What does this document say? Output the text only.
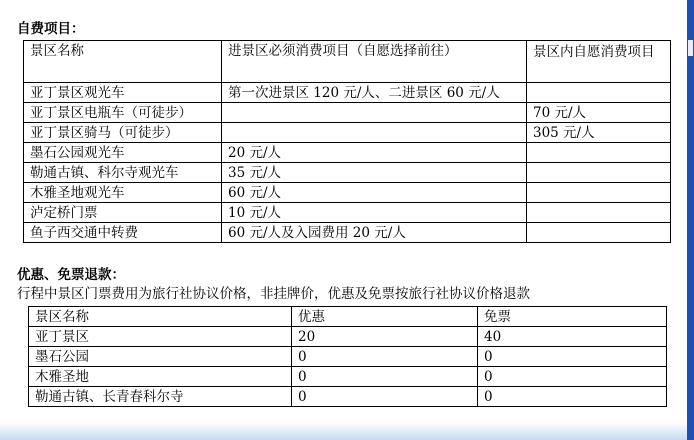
自费项目：
景区名称	进景区必须消费项目（自愿选择前往）	景区内自愿消费项目
亚丁景区观光车	第一次进景区 120 元/人、二进景区 60 元/人	
亚丁景区电瓶车（可徒步）		70 元/人
亚丁景区骑马（可徒步）		305 元/人
墨石公园观光车	20 元/人	
勒通古镇、科尔寺观光车	35 元/人	
木雅圣地观光车	60 元/人	
泸定桥门票	10 元/人	
鱼子西交通中转费	60 元/人及入园费用 20 元/人	
优惠、免票退款：
行程中景区门票费用为旅行社协议价格，非挂牌价，优惠及免票按旅行社协议价格退款
景区名称	优惠	免票
亚丁景区	20	40
墨石公园	0	0
木雅圣地	0	0
勒通古镇、长青春科尔寺	0	0
